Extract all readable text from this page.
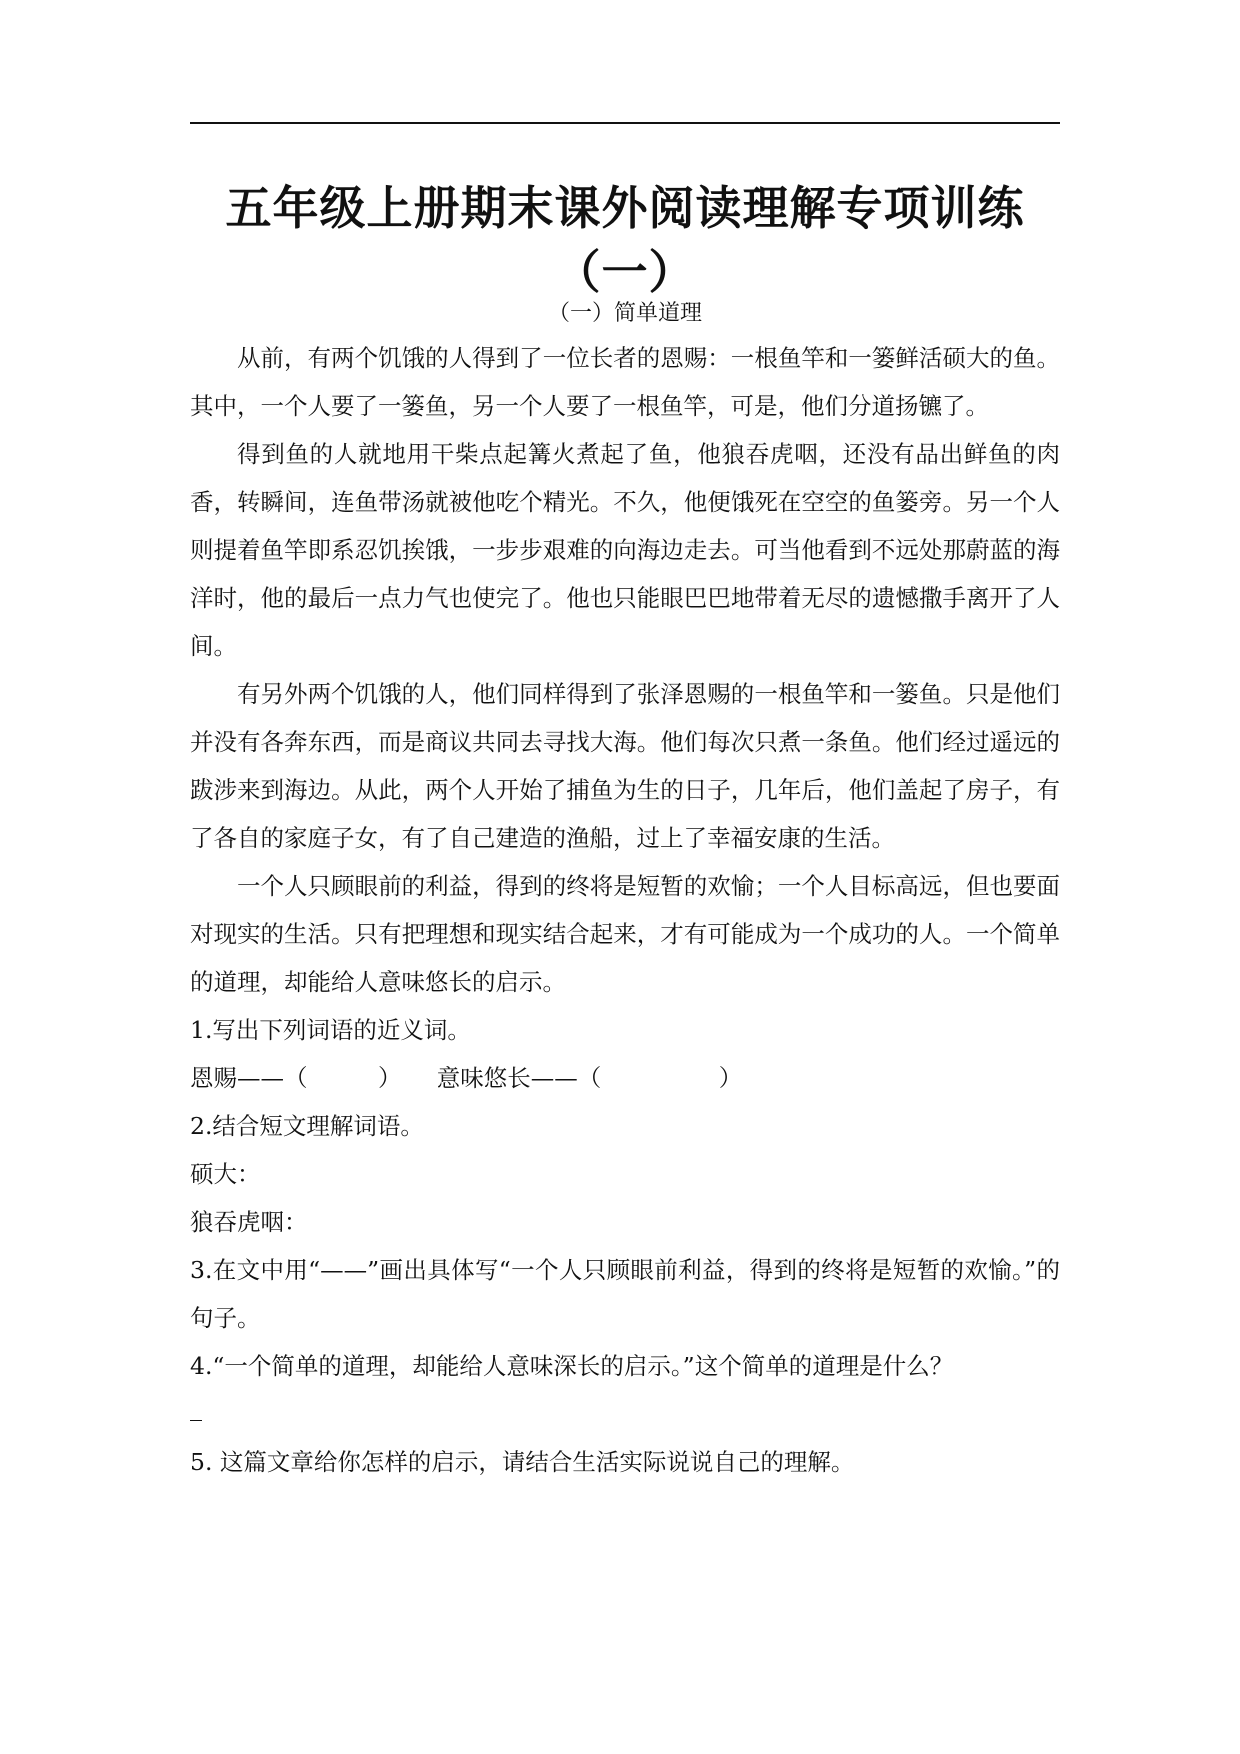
五年级上册期末课外阅读理解专项训练
（一）
（一）简单道理

从前，有两个饥饿的人得到了一位长者的恩赐：一根鱼竿和一篓鲜活硕大的鱼。其中，一个人要了一篓鱼，另一个人要了一根鱼竿，可是，他们分道扬镳了。

得到鱼的人就地用干柴点起篝火煮起了鱼，他狼吞虎咽，还没有品出鲜鱼的肉香，转瞬间，连鱼带汤就被他吃个精光。不久，他便饿死在空空的鱼篓旁。另一个人则提着鱼竿即系忍饥挨饿，一步步艰难的向海边走去。可当他看到不远处那蔚蓝的海洋时，他的最后一点力气也使完了。他也只能眼巴巴地带着无尽的遗憾撒手离开了人间。

有另外两个饥饿的人，他们同样得到了张泽恩赐的一根鱼竿和一篓鱼。只是他们并没有各奔东西，而是商议共同去寻找大海。他们每次只煮一条鱼。他们经过遥远的跋涉来到海边。从此，两个人开始了捕鱼为生的日子，几年后，他们盖起了房子，有了各自的家庭子女，有了自己建造的渔船，过上了幸福安康的生活。

一个人只顾眼前的利益，得到的终将是短暂的欢愉；一个人目标高远，但也要面对现实的生活。只有把理想和现实结合起来，才有可能成为一个成功的人。一个简单的道理，却能给人意味悠长的启示。

1.写出下列词语的近义词。

恩赐——（　　　）　　意味悠长——（　　　　　）

2.结合短文理解词语。

硕大：

狼吞虎咽：

3.在文中用“——”画出具体写“一个人只顾眼前利益，得到的终将是短暂的欢愉。”的句子。

4.“一个简单的道理，却能给人意味深长的启示。”这个简单的道理是什么？

5. 这篇文章给你怎样的启示，请结合生活实际说说自己的理解。
